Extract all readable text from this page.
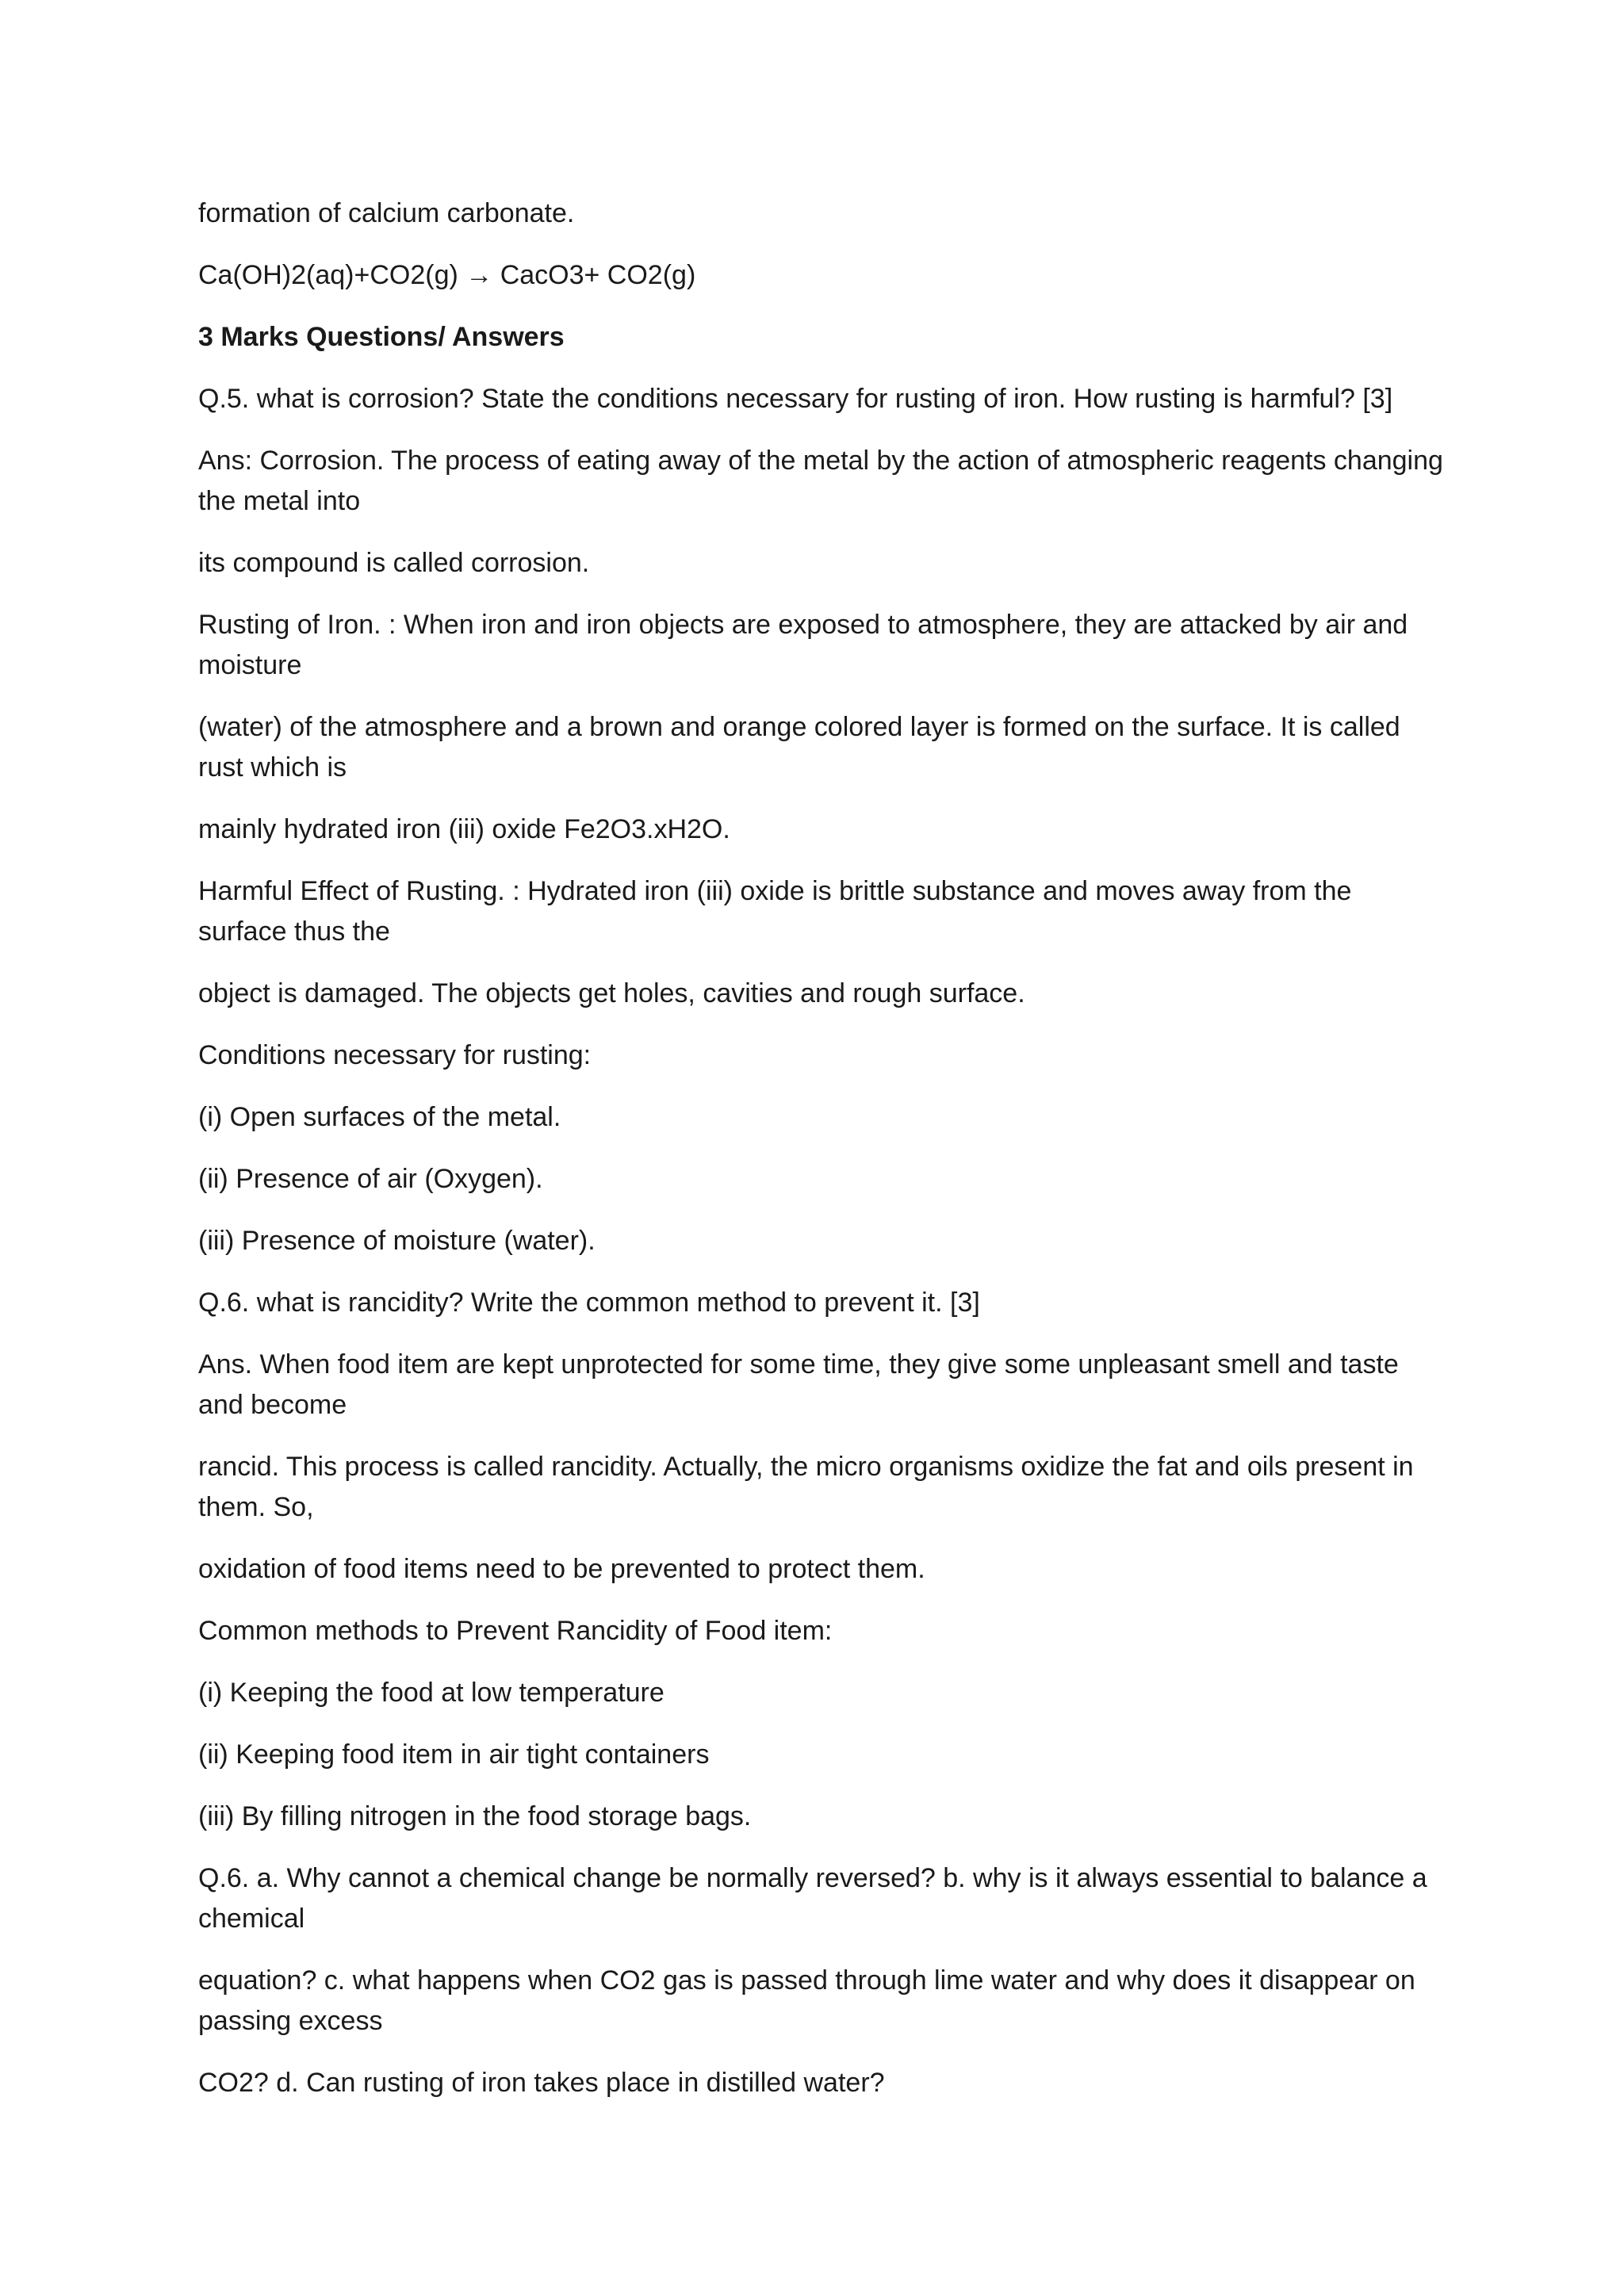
formation of calcium carbonate.

Ca(OH)2(aq)+CO2(g) → CacO3+ CO2(g)

3 Marks Questions/ Answers

Q.5. what is corrosion? State the conditions necessary for rusting of iron. How rusting is harmful? [3]

Ans: Corrosion. The process of eating away of the metal by the action of atmospheric reagents changing the metal into

its compound is called corrosion.

Rusting of Iron. : When iron and iron objects are exposed to atmosphere, they are attacked by air and moisture

(water) of the atmosphere and a brown and orange colored layer is formed on the surface. It is called rust which is

mainly hydrated iron (iii) oxide Fe2O3.xH2O.

Harmful Effect of Rusting. : Hydrated iron (iii) oxide is brittle substance and moves away from the surface thus the

object is damaged. The objects get holes, cavities and rough surface.

Conditions necessary for rusting:

(i) Open surfaces of the metal.

(ii) Presence of air (Oxygen).

(iii) Presence of moisture (water).

Q.6. what is rancidity? Write the common method to prevent it. [3]

Ans. When food item are kept unprotected for some time, they give some unpleasant smell and taste and become

rancid. This process is called rancidity. Actually, the micro organisms oxidize the fat and oils present in them. So,

oxidation of food items need to be prevented to protect them.

Common methods to Prevent Rancidity of Food item:

(i) Keeping the food at low temperature

(ii) Keeping food item in air tight containers

(iii) By filling nitrogen in the food storage bags.

Q.6. a. Why cannot a chemical change be normally reversed? b. why is it always essential to balance a chemical

equation? c. what happens when CO2 gas is passed through lime water and why does it disappear on passing excess

CO2? d. Can rusting of iron takes place in distilled water?
